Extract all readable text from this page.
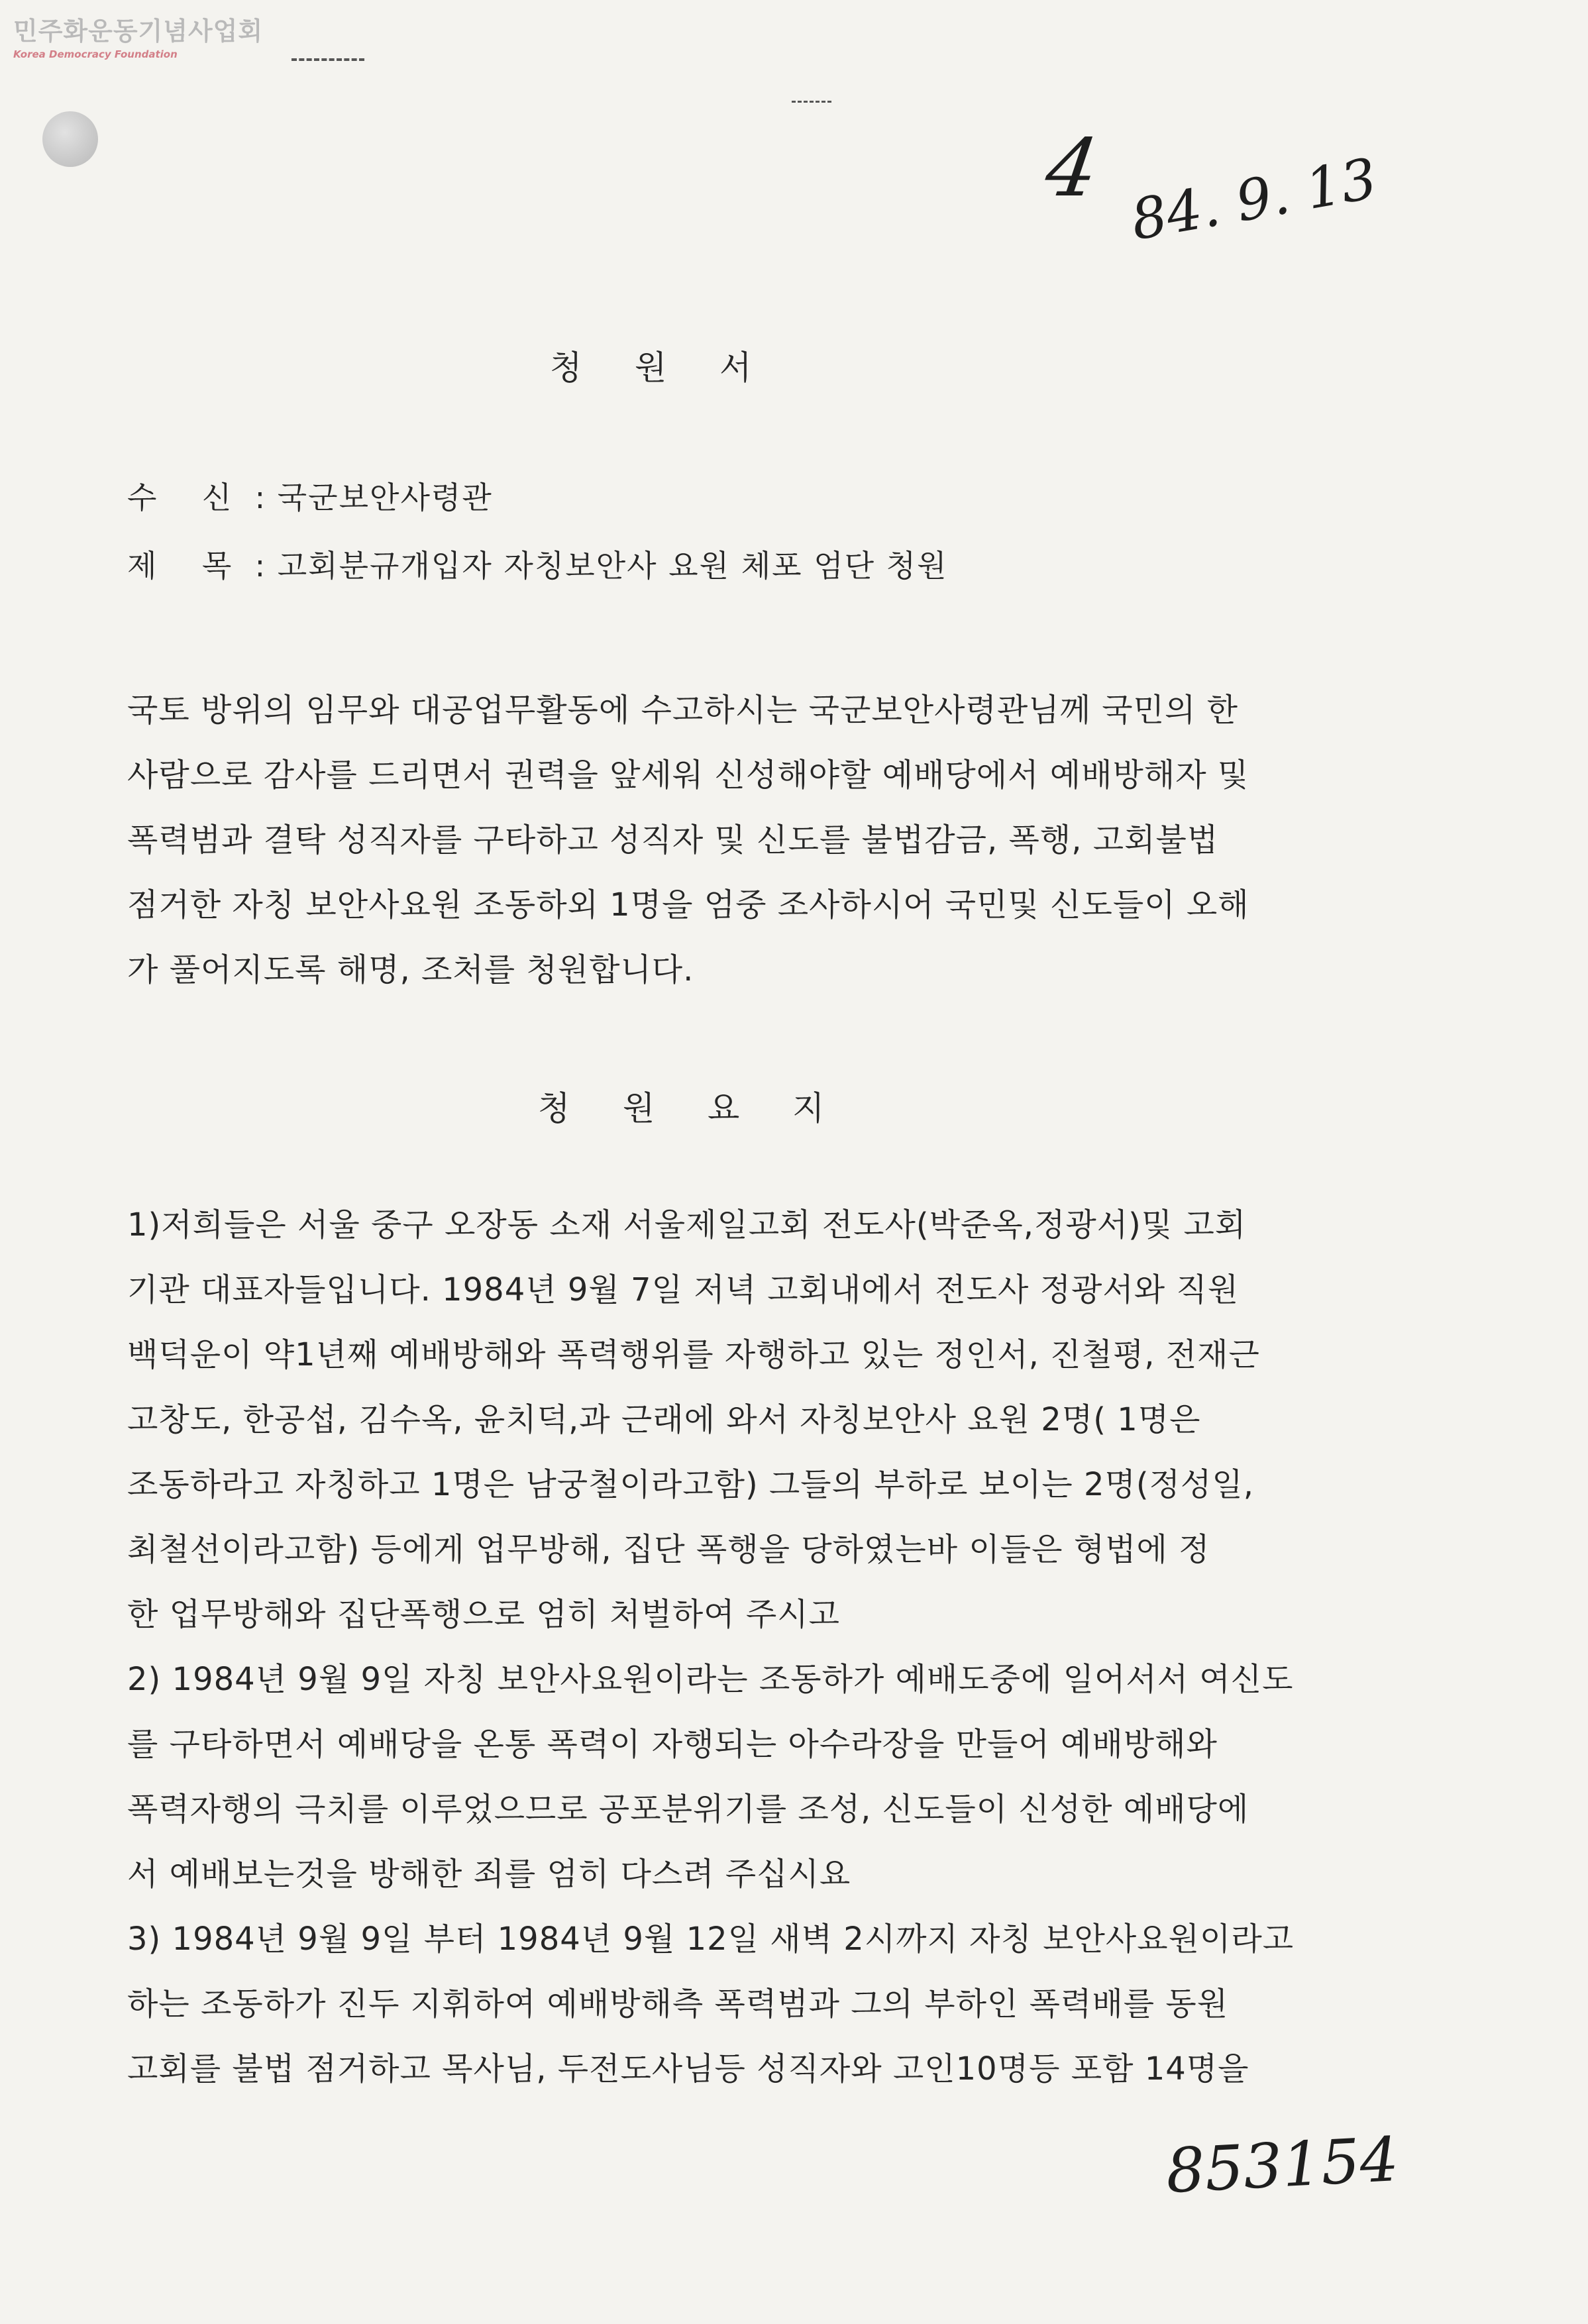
민주화운동기념사업회
Korea Democracy Foundation
4 84. 9. 13
청   원   서
수    신  : 국군보안사령관
제    목  : 고회분규개입자 자칭보안사 요원 체포 엄단 청원
국토 방위의 임무와 대공업무활동에 수고하시는 국군보안사령관님께 국민의 한
사람으로 감사를 드리면서 권력을 앞세워 신성해야할 예배당에서 예배방해자 및
폭력범과 결탁 성직자를 구타하고 성직자 및 신도를 불법감금, 폭행, 고회불법
점거한 자칭 보안사요원 조동하외 1명을 엄중 조사하시어 국민및 신도들이 오해
가 풀어지도록 해명, 조처를 청원합니다.
청   원   요   지
1)저희들은 서울 중구 오장동 소재 서울제일고회 전도사(박준옥,정광서)및 고회
기관 대표자들입니다. 1984년 9월 7일 저녁 고회내에서 전도사 정광서와 직원
백덕운이 약1년째 예배방해와 폭력행위를 자행하고 있는 정인서, 진철평, 전재근
고창도, 한공섭, 김수옥, 윤치덕,과 근래에 와서 자칭보안사 요원 2명( 1명은
조동하라고 자칭하고 1명은 남궁철이라고함) 그들의 부하로 보이는 2명(정성일,
최철선이라고함) 등에게 업무방해, 집단 폭행을 당하였는바 이들은 형법에 정
한 업무방해와 집단폭행으로 엄히 처벌하여 주시고
2) 1984년 9월 9일 자칭 보안사요원이라는 조동하가 예배도중에 일어서서 여신도
를 구타하면서 예배당을 온통 폭력이 자행되는 아수라장을 만들어 예배방해와
폭력자행의 극치를 이루었으므로 공포분위기를 조성, 신도들이 신성한 예배당에
서 예배보는것을 방해한 죄를 엄히 다스려 주십시요
3) 1984년 9월 9일 부터 1984년 9월 12일 새벽 2시까지 자칭 보안사요원이라고
하는 조동하가 진두 지휘하여 예배방해측 폭력범과 그의 부하인 폭력배를 동원
고회를 불법 점거하고 목사님, 두전도사님등 성직자와 고인10명등 포함 14명을
853154
